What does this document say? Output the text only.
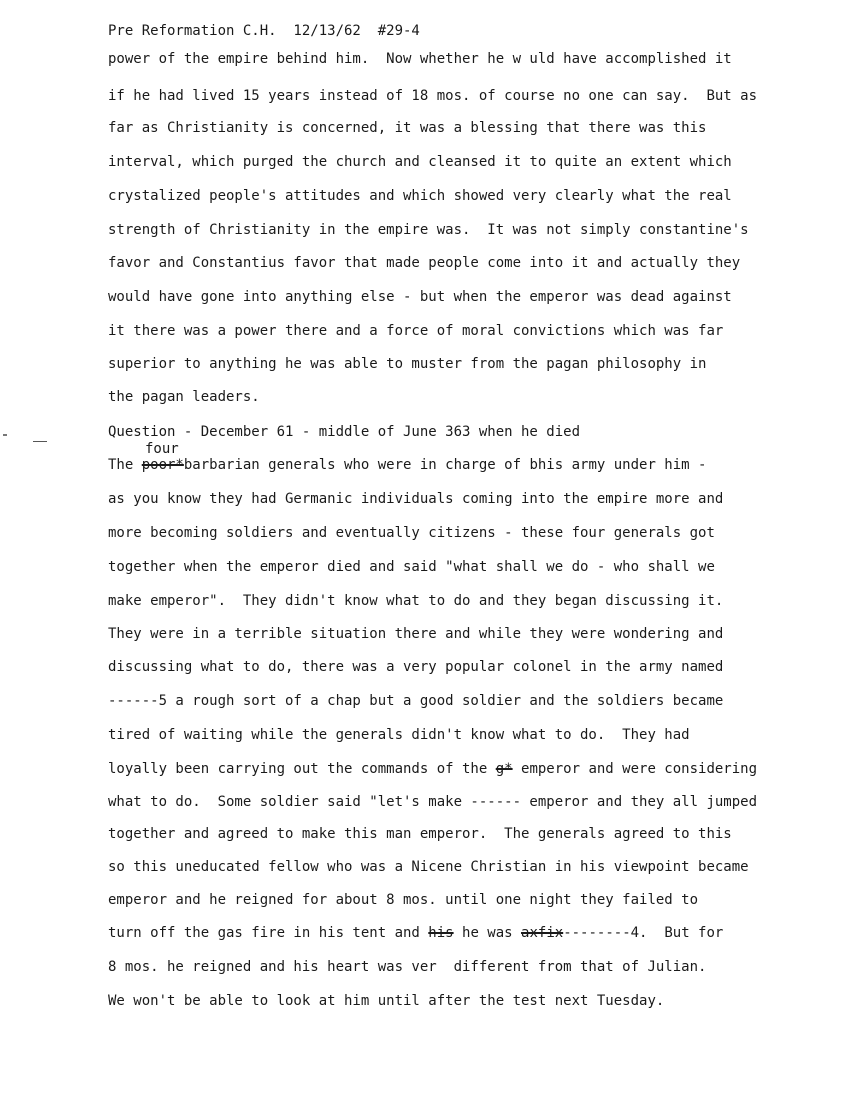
Pre Reformation C.H.  12/13/62  #29-4
power of the empire behind him.  Now whether he w uld have accomplished it
if he had lived 15 years instead of 18 mos. of course no one can say.  But as
far as Christianity is concerned, it was a blessing that there was this
interval, which purged the church and cleansed it to quite an extent which
crystalized people's attitudes and which showed very clearly what the real
strength of Christianity in the empire was.  It was not simply constantine's
favor and Constantius favor that made people come into it and actually they
would have gone into anything else - but when the emperor was dead against
it there was a power there and a force of moral convictions which was far
superior to anything he was able to muster from the pagan philosophy in
the pagan leaders.
Question - December 61 - middle of June 363 when he died
four
The poor*barbarian generals who were in charge of bhis army under him -
as you know they had Germanic individuals coming into the empire more and
more becoming soldiers and eventually citizens - these four generals got
together when the emperor died and said "what shall we do - who shall we
make emperor".  They didn't know what to do and they began discussing it.
They were in a terrible situation there and while they were wondering and
discussing what to do, there was a very popular colonel in the army named
------5 a rough sort of a chap but a good soldier and the soldiers became
tired of waiting while the generals didn't know what to do.  They had
loyally been carrying out the commands of the g* emperor and were considering
what to do.  Some soldier said "let's make ------ emperor and they all jumped
together and agreed to make this man emperor.  The generals agreed to this
so this uneducated fellow who was a Nicene Christian in his viewpoint became
emperor and he reigned for about 8 mos. until one night they failed to
turn off the gas fire in his tent and his he was axfix--------4.  But for
8 mos. he reigned and his heart was ver  different from that of Julian.
We won't be able to look at him until after the test next Tuesday.
